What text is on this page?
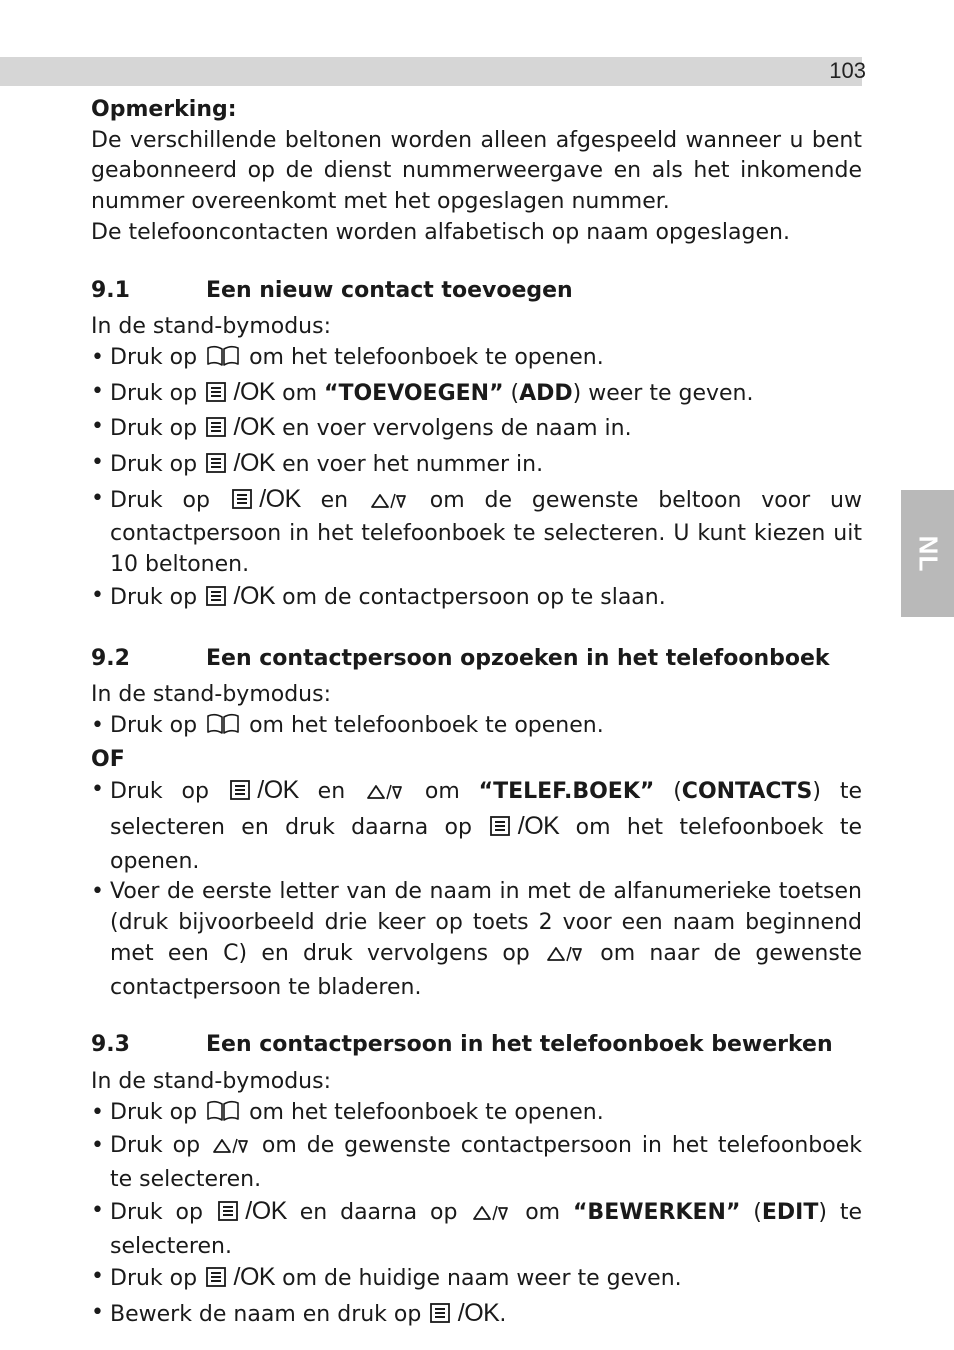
103
NL

Opmerking:

De verschillende beltonen worden alleen afgespeeld wanneer u bent geabonneerd op de dienst nummerweergave en als het inkomende nummer overeenkomt met het opgeslagen nummer.

De telefooncontacten worden alfabetisch op naam opgeslagen.

9.1	Een nieuw contact toevoegen

In de stand-bymodus:

• Druk op  om het telefoonboek te openen.

• Druk op  /OK om “TOEVOEGEN” (ADD) weer te geven.

• Druk op  /OK en voer vervolgens de naam in.

• Druk op  /OK en voer het nummer in.

• Druk op  /OK en  om de gewenste beltoon voor uw contactpersoon in het telefoonboek te selecteren. U kunt kiezen uit 10 beltonen.

• Druk op  /OK om de contactpersoon op te slaan.

9.2	Een contactpersoon opzoeken in het telefoonboek

In de stand-bymodus:

• Druk op  om het telefoonboek te openen.

OF

• Druk op  /OK en  om “TELEF.BOEK” (CONTACTS) te selecteren en druk daarna op  /OK om het telefoonboek te openen.

• Voer de eerste letter van de naam in met de alfanumerieke toetsen (druk bijvoorbeeld drie keer op toets 2 voor een naam beginnend met een C) en druk vervolgens op  om naar de gewenste contactpersoon te bladeren.

9.3	Een contactpersoon in het telefoonboek bewerken

In de stand-bymodus:

• Druk op  om het telefoonboek te openen.

• Druk op  om de gewenste contactpersoon in het telefoonboek te selecteren.

• Druk op  /OK en daarna op  om “BEWERKEN” (EDIT) te selecteren.

• Druk op  /OK om de huidige naam weer te geven.

• Bewerk de naam en druk op  /OK.
